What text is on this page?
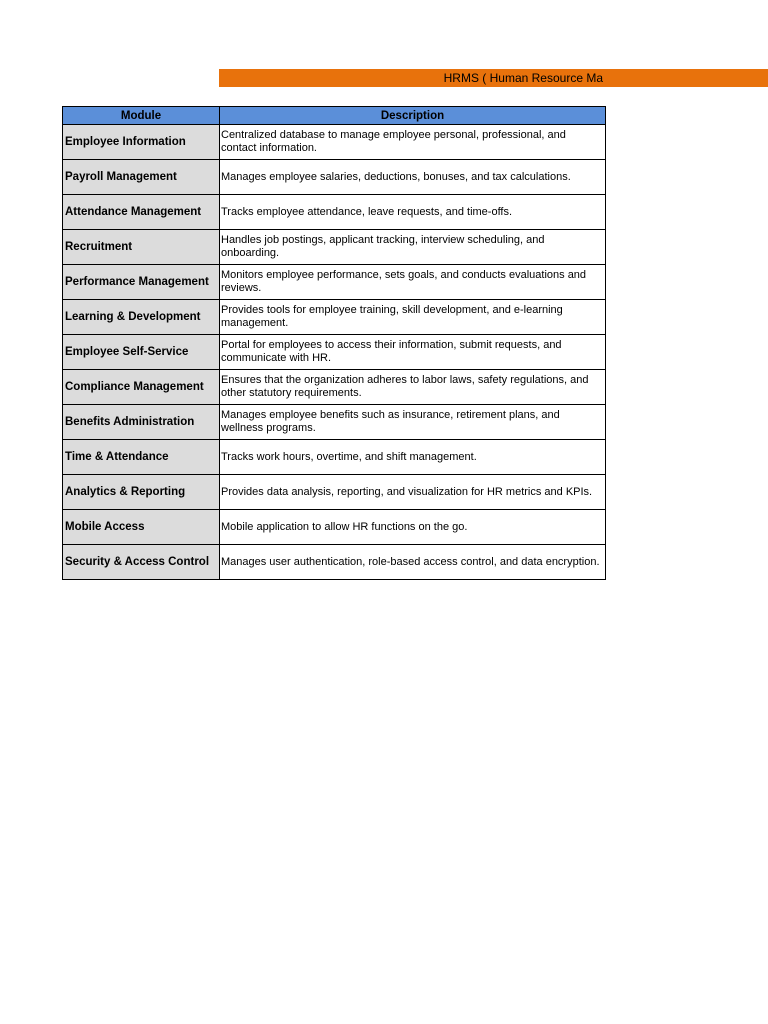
HRMS ( Human Resource Ma
Module	Description
Employee Information	Centralized database to manage employee personal, professional, and contact information.
Payroll Management	Manages employee salaries, deductions, bonuses, and tax calculations.
Attendance Management	Tracks employee attendance, leave requests, and time-offs.
Recruitment	Handles job postings, applicant tracking, interview scheduling, and onboarding.
Performance Management	Monitors employee performance, sets goals, and conducts evaluations and reviews.
Learning & Development	Provides tools for employee training, skill development, and e-learning management.
Employee Self-Service	Portal for employees to access their information, submit requests, and communicate with HR.
Compliance Management	Ensures that the organization adheres to labor laws, safety regulations, and other statutory requirements.
Benefits Administration	Manages employee benefits such as insurance, retirement plans, and wellness programs.
Time & Attendance	Tracks work hours, overtime, and shift management.
Analytics & Reporting	Provides data analysis, reporting, and visualization for HR metrics and KPIs.
Mobile Access	Mobile application to allow HR functions on the go.
Security & Access Control	Manages user authentication, role-based access control, and data encryption.
